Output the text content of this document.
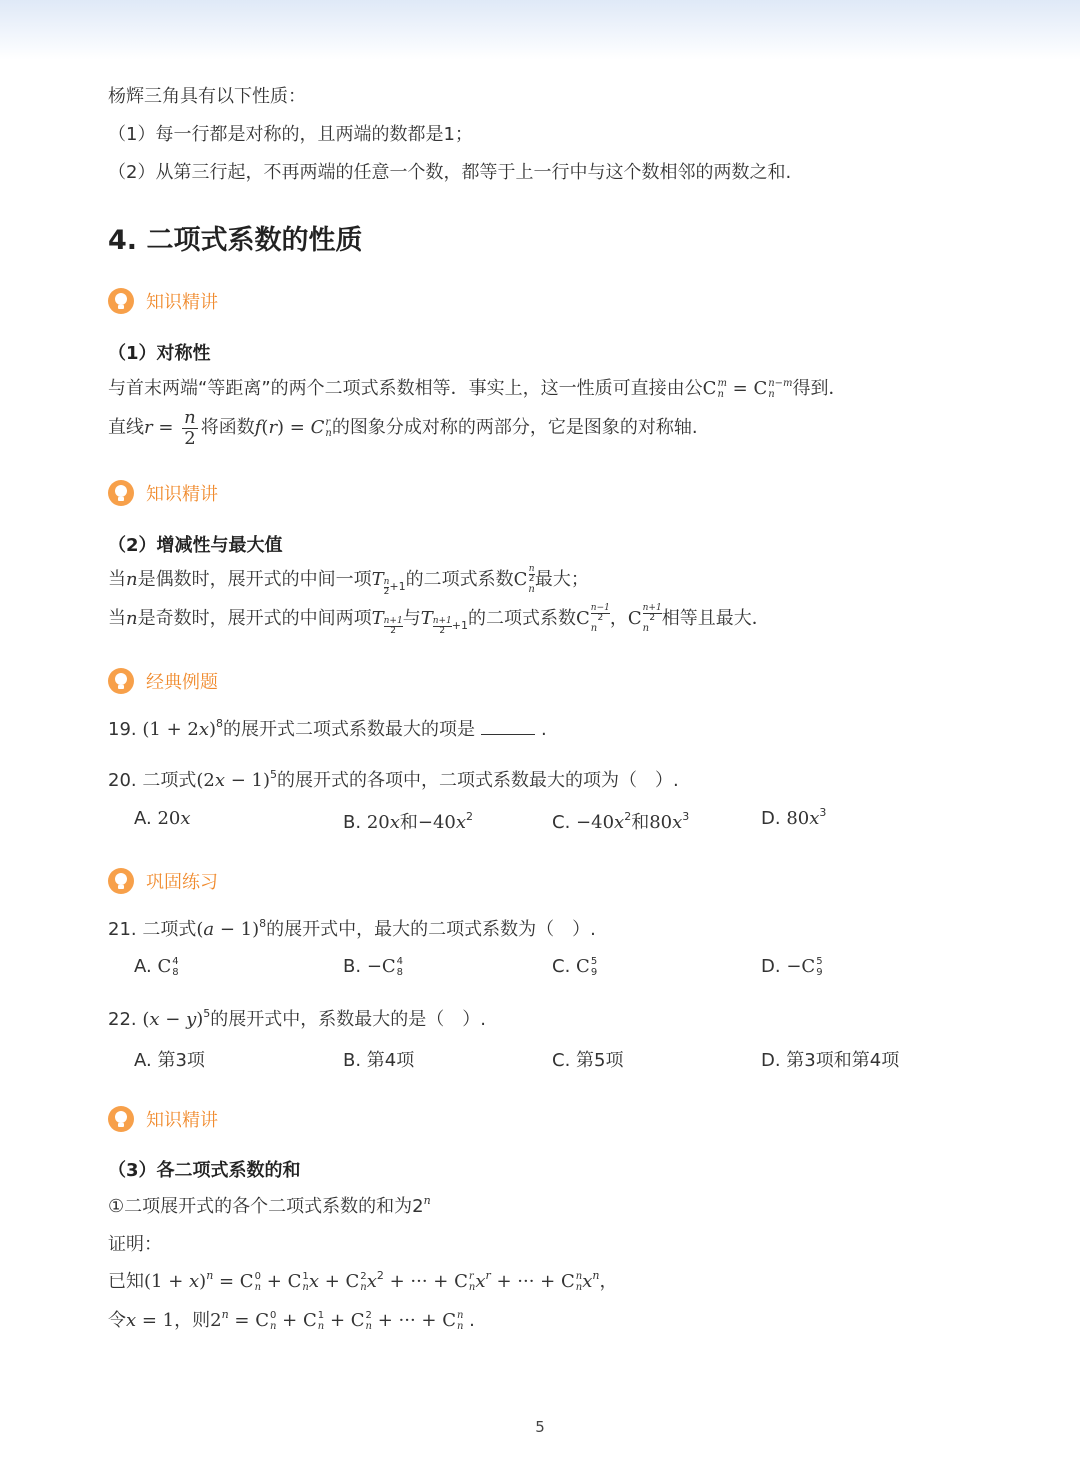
杨辉三角具有以下性质：
（1）每一行都是对称的，且两端的数都是1；
（2）从第三行起，不再两端的任意一个数，都等于上一行中与这个数相邻的两数之和.
4. 二项式系数的性质
知识精讲
（1）对称性
与首末两端“等距离”的两个二项式系数相等．事实上，这一性质可直接由公C m
n = C n−m
n 得到．
直线$r = \frac{n}{2}$ 将函数f(r) = C r
n 的图象分成对称的两部分，它是图象的对称轴.
知识精讲
（2）增减性与最大值
当n是偶数时，展开式的中间一项T $_{\frac{n}{2} +1}$的二项式系数C n
2
n 最大；
当n是奇数时，展开式的中间两项T $_{\frac{n+1}{2}}$ 与T $_{\frac{n+1}{2} +1}$的二项式系数C n−1
2
n ，C n+1
2
n 相等且最大．
经典例题
19. $(1 + 2x)^8$的展开式二项式系数最大的项是	.
20. 二项式$(2x - 1)^5$的展开式的各项中，二项式系数最大的项为（　）.
A. 20x	B. 20x和$-40x^2$	C. $-40x^2$和$80x^3$	D. $80x^3$
巩固练习
21. 二项式$(a - 1)^8$的展开式中，最大的二项式系数为（　）.
A. C 4
8	B. −C 4
8	C. C 5
9	D. −C 5
9
22. $(x - y)^5$的展开式中，系数最大的是（　）.
A. 第3项	B. 第4项	C. 第5项	D. 第3项和第4项
知识精讲
（3）各二项式系数的和
①二项展开式的各个二项式系数的和为2$^n$
证明：
已知$(1 + x)^n = C$ 0
n + C 1
n x + C 2
n $x^2$ + ··· + C r
n $x^r$ + ··· + C n
n $x^n$，
令x = 1，则$2^n = C$ 0
n + C 1
n + C 2
n + ··· + C n
n .
5
